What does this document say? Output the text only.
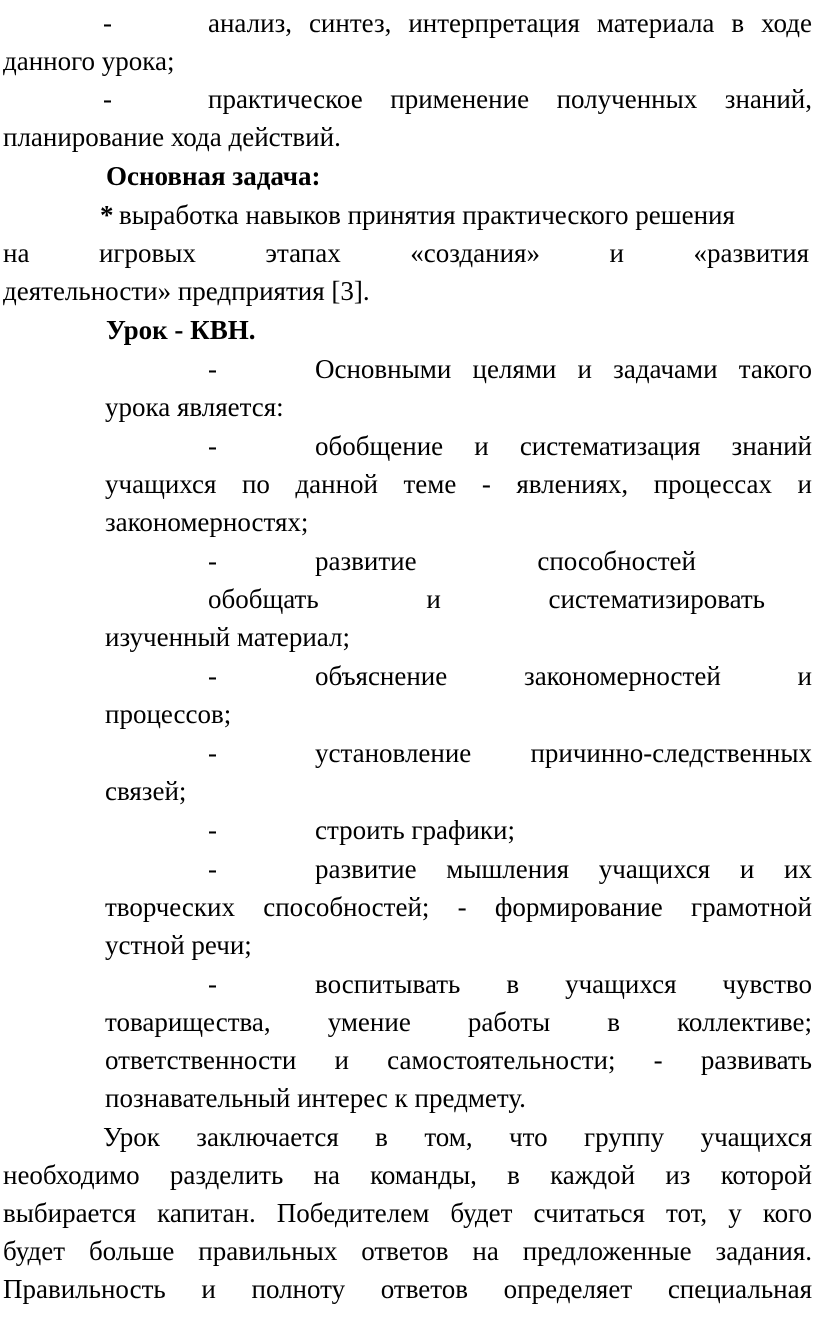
-	анализ, синтез, интерпретация материала в ходе
данного урока;
-	практическое применение полученных знаний,
планирование хода действий.
Основная задача:
* выработка навыков принятия практического решения
на игровых этапах «создания» и «развития
деятельности» предприятия [3].
Урок - КВН.
-	Основными целями и задачами такого
урока является:
-	обобщение и систематизация знаний
учащихся по данной теме - явлениях, процессах и
закономерностях;
-	развитие способностей
обобщать и систематизировать
изученный материал;
-	объяснение закономерностей и
процессов;
-	установление причинно-следственных
связей;
-	строить графики;
-	развитие мышления учащихся и их
творческих способностей; - формирование грамотной
устной речи;
-	воспитывать в учащихся чувство
товарищества, умение работы в коллективе;
ответственности и самостоятельности; - развивать
познавательный интерес к предмету.
Урок заключается в том, что группу учащихся
необходимо разделить на команды, в каждой из которой
выбирается капитан. Победителем будет считаться тот, у кого
будет больше правильных ответов на предложенные задания.
Правильность и полноту ответов определяет специальная
